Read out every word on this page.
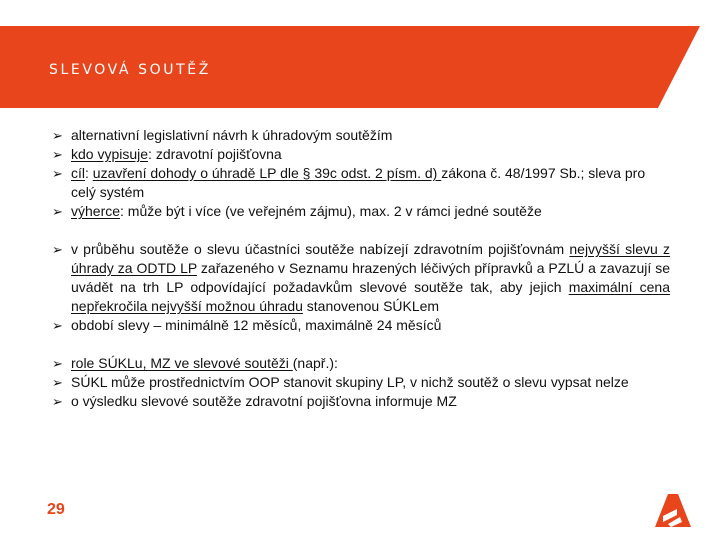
SLEVOVÁ SOUTĚŽ
➢ alternativní legislativní návrh k úhradovým soutěžím
➢ kdo vypisuje: zdravotní pojišťovna
➢ cíl: uzavření dohody o úhradě LP dle § 39c odst. 2 písm. d) zákona č. 48/1997 Sb.; sleva pro celý systém
➢ výherce: může být i více (ve veřejném zájmu), max. 2 v rámci jedné soutěže
➢ v průběhu soutěže o slevu účastníci soutěže nabízejí zdravotním pojišťovnám nejvyšší slevu z úhrady za ODTD LP zařazeného v Seznamu hrazených léčivých přípravků a PZLÚ a zavazují se uvádět na trh LP odpovídající požadavkům slevové soutěže tak, aby jejich maximální cena nepřekročila nejvyšší možnou úhradu stanovenou SÚKLem
➢ období slevy – minimálně 12 měsíců, maximálně 24 měsíců
➢ role SÚKLu, MZ ve slevové soutěži (např.):
➢ SÚKL může prostřednictvím OOP stanovit skupiny LP, v nichž soutěž o slevu vypsat nelze
➢ o výsledku slevové soutěže zdravotní pojišťovna informuje MZ
29
